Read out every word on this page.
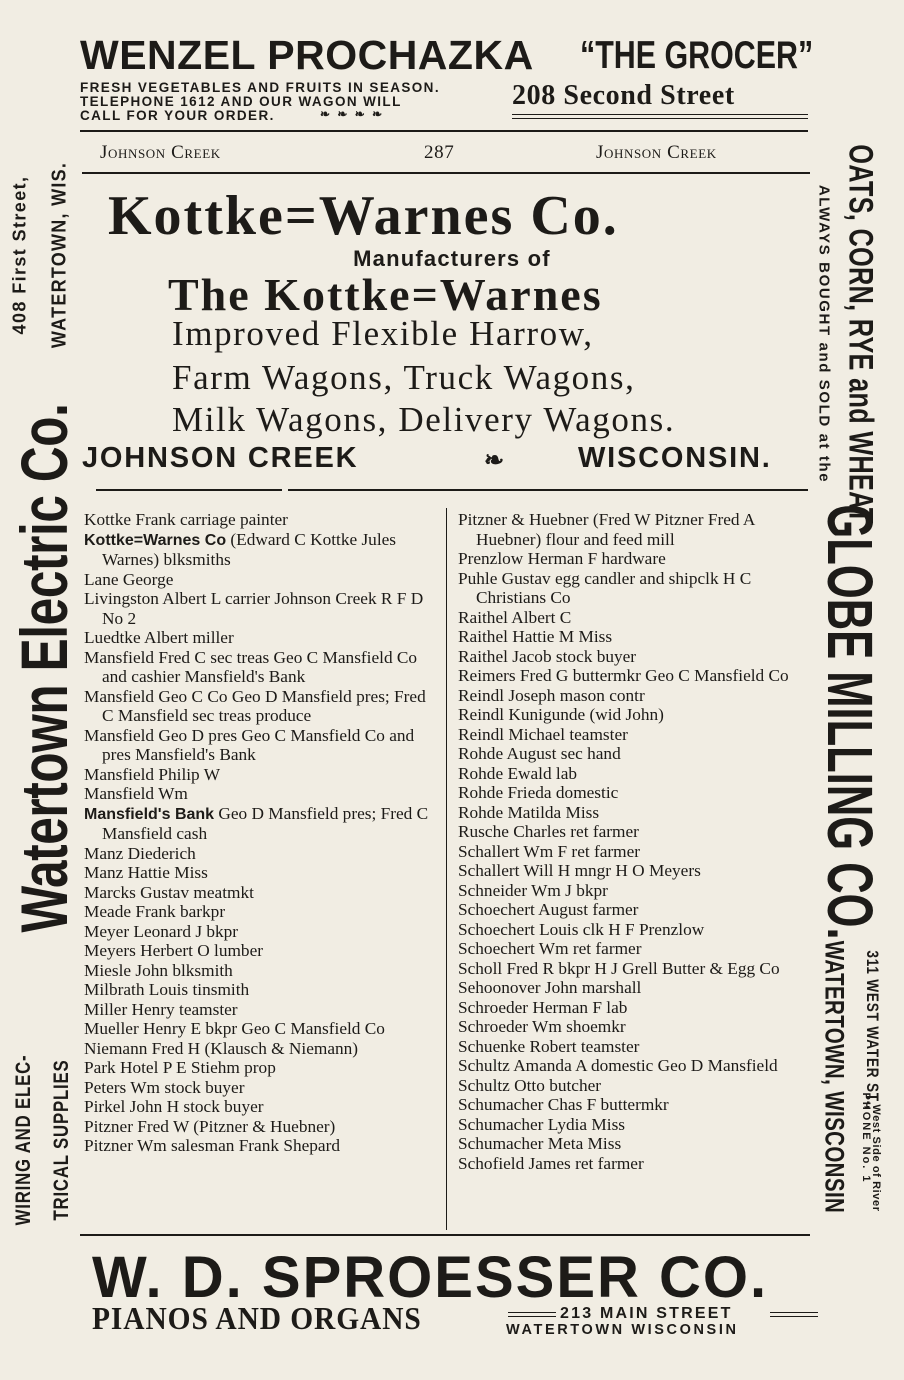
WENZEL PROCHAZKA “THE GROCER”
FRESH VEGETABLES AND FRUITS IN SEASON.
TELEPHONE 1612 AND OUR WAGON WILL
CALL FOR YOUR ORDER.	❧ ❧ ❧ ❧
208 Second Street
Johnson Creek	287	Johnson Creek
Kottke=Warnes Co.
Manufacturers of
The Kottke=Warnes
Improved Flexible Harrow,
Farm Wagons, Truck Wagons,
Milk Wagons, Delivery Wagons.
JOHNSON CREEK	❧ WISCONSIN.
Kottke Frank carriage painter
Kottke=Warnes Co (Edward C Kottke Jules Warnes) blksmiths
Lane George
Livingston Albert L carrier Johnson Creek R F D No 2
Luedtke Albert miller
Mansfield Fred C sec treas Geo C Mansfield Co and cashier Mansfield's Bank
Mansfield Geo C Co Geo D Mansfield pres; Fred C Mansfield sec treas produce
Mansfield Geo D pres Geo C Mansfield Co and pres Mansfield's Bank
Mansfield Philip W
Mansfield Wm
Mansfield's Bank Geo D Mansfield pres; Fred C Mansfield cash
Manz Diederich
Manz Hattie Miss
Marcks Gustav meatmkt
Meade Frank barkpr
Meyer Leonard J bkpr
Meyers Herbert O lumber
Miesle John blksmith
Milbrath Louis tinsmith
Miller Henry teamster
Mueller Henry E bkpr Geo C Mansfield Co
Niemann Fred H (Klausch & Niemann)
Park Hotel P E Stiehm prop
Peters Wm stock buyer
Pirkel John H stock buyer
Pitzner Fred W (Pitzner & Huebner)
Pitzner Wm salesman Frank Shepard
Pitzner & Huebner (Fred W Pitzner Fred A Huebner) flour and feed mill
Prenzlow Herman F hardware
Puhle Gustav egg candler and shipclk H C Christians Co
Raithel Albert C
Raithel Hattie M Miss
Raithel Jacob stock buyer
Reimers Fred G buttermkr Geo C Mansfield Co
Reindl Joseph mason contr
Reindl Kunigunde (wid John)
Reindl Michael teamster
Rohde August sec hand
Rohde Ewald lab
Rohde Frieda domestic
Rohde Matilda Miss
Rusche Charles ret farmer
Schallert Wm F ret farmer
Schallert Will H mngr H O Meyers
Schneider Wm J bkpr
Schoechert August farmer
Schoechert Louis clk H F Prenzlow
Schoechert Wm ret farmer
Scholl Fred R bkpr H J Grell Butter & Egg Co
Sehoonover John marshall
Schroeder Herman F lab
Schroeder Wm shoemkr
Schuenke Robert teamster
Schultz Amanda A domestic Geo D Mansfield
Schultz Otto butcher
Schumacher Chas F buttermkr
Schumacher Lydia Miss
Schumacher Meta Miss
Schofield James ret farmer
408 First Street, WATERTOWN, WIS.
Watertown Electric Co.
WIRING AND ELEC- TRICAL SUPPLIES
OATS, CORN, RYE and WHEAT
ALWAYS BOUGHT and SOLD at the
GLOBE MILLING CO.
311 WEST WATER ST.,
WATERTOWN, WISCONSIN West Side of River
PHONE No. 1
W. D. SPROESSER CO.
PIANOS AND ORGANS	213 MAIN STREET
WATERTOWN WISCONSIN
